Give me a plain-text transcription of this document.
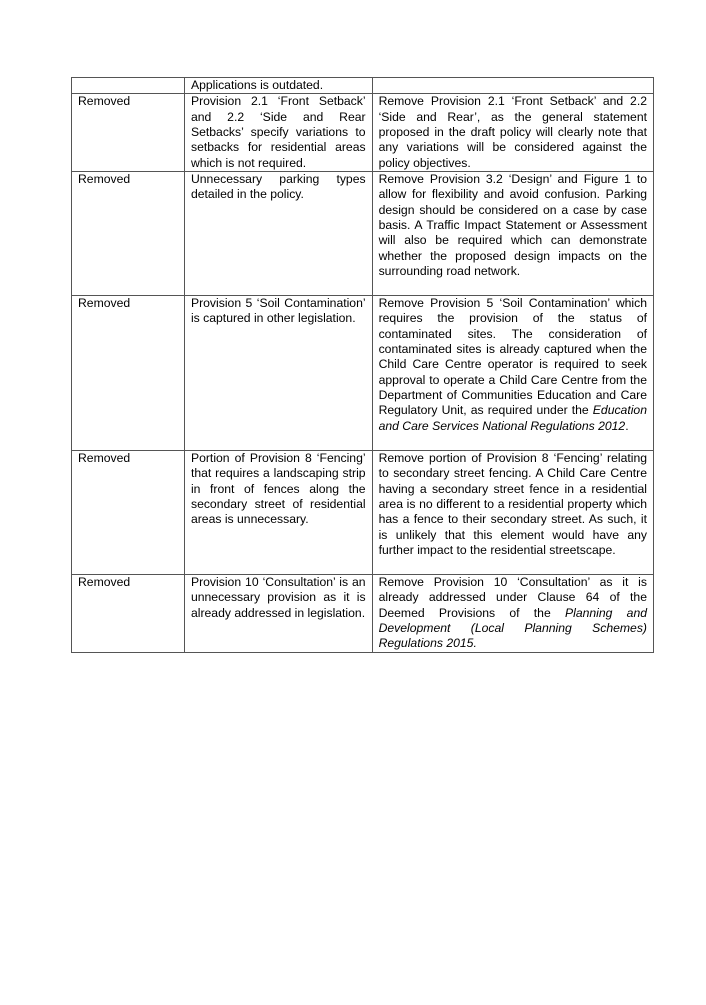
	Applications is outdated.	

Removed	Provision 2.1 ‘Front Setback’ and 2.2 ‘Side and Rear Setbacks’ specify variations to setbacks for residential areas which is not required.	Remove Provision 2.1 ‘Front Setback’ and 2.2 ‘Side and Rear’, as the general statement proposed in the draft policy will clearly note that any variations will be considered against the policy objectives.

Removed	Unnecessary parking types detailed in the policy.	Remove Provision 3.2 ‘Design’ and Figure 1 to allow for flexibility and avoid confusion. Parking design should be considered on a case by case basis. A Traffic Impact Statement or Assessment will also be required which can demonstrate whether the proposed design impacts on the surrounding road network.

Removed	Provision 5 ‘Soil Contamination’ is captured in other legislation.	Remove Provision 5 ‘Soil Contamination’ which requires the provision of the status of contaminated sites. The consideration of contaminated sites is already captured when the Child Care Centre operator is required to seek approval to operate a Child Care Centre from the Department of Communities Education and Care Regulatory Unit, as required under the Education and Care Services National Regulations 2012.

Removed	Portion of Provision 8 ‘Fencing’ that requires a landscaping strip in front of fences along the secondary street of residential areas is unnecessary.	Remove portion of Provision 8 ‘Fencing’ relating to secondary street fencing. A Child Care Centre having a secondary street fence in a residential area is no different to a residential property which has a fence to their secondary street. As such, it is unlikely that this element would have any further impact to the residential streetscape.

Removed	Provision 10 ‘Consultation’ is an unnecessary provision as it is already addressed in legislation.	Remove Provision 10 ‘Consultation’ as it is already addressed under Clause 64 of the Deemed Provisions of the Planning and Development (Local Planning Schemes) Regulations 2015.
